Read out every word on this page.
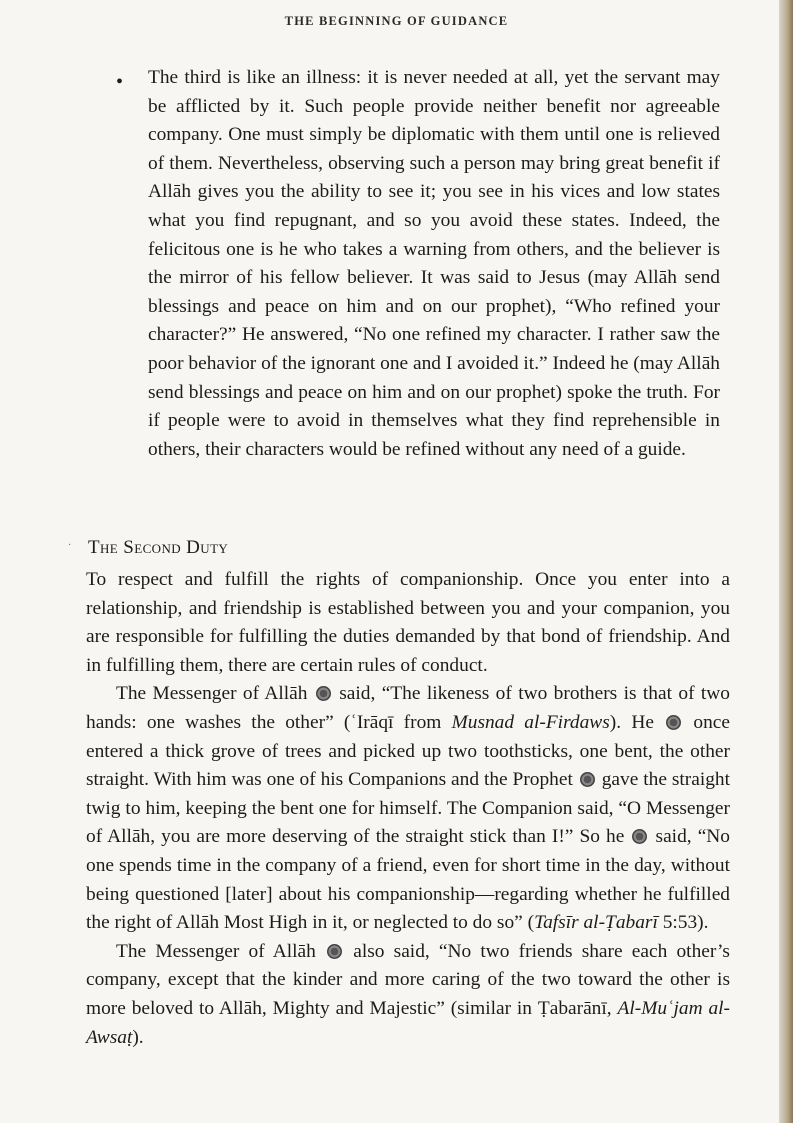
THE BEGINNING OF GUIDANCE
• The third is like an illness: it is never needed at all, yet the servant may be afflicted by it. Such people provide neither benefit nor agreeable company. One must simply be diplomatic with them until one is relieved of them. Nevertheless, observing such a person may bring great benefit if Allāh gives you the ability to see it; you see in his vices and low states what you find repugnant, and so you avoid these states. Indeed, the felicitous one is he who takes a warning from others, and the believer is the mirror of his fellow believer. It was said to Jesus (may Allāh send blessings and peace on him and on our prophet), “Who refined your character?” He answered, “No one refined my character. I rather saw the poor behavior of the ignorant one and I avoided it.” Indeed he (may Allāh send blessings and peace on him and on our prophet) spoke the truth. For if people were to avoid in themselves what they find reprehensible in others, their characters would be refined without any need of a guide.

· The Second Duty

To respect and fulfill the rights of companionship. Once you enter into a relationship, and friendship is established between you and your companion, you are responsible for fulfilling the duties demanded by that bond of friendship. And in fulfilling them, there are certain rules of conduct.

The Messenger of Allāh said, “The likeness of two brothers is that of two hands: one washes the other” (ʿIrāqī from Musnad al-Firdaws). He once entered a thick grove of trees and picked up two toothsticks, one bent, the other straight. With him was one of his Companions and the Prophet gave the straight twig to him, keeping the bent one for himself. The Companion said, “O Messenger of Allāh, you are more deserving of the straight stick than I!” So he said, “No one spends time in the company of a friend, even for short time in the day, without being questioned [later] about his companionship—regarding whether he fulfilled the right of Allāh Most High in it, or neglected to do so” (Tafsīr al-Ṭabarī 5:53).

The Messenger of Allāh also said, “No two friends share each other’s company, except that the kinder and more caring of the two toward the other is more beloved to Allāh, Mighty and Majestic” (similar in Ṭabarānī, Al-Muʿjam al-Awsaṭ).
